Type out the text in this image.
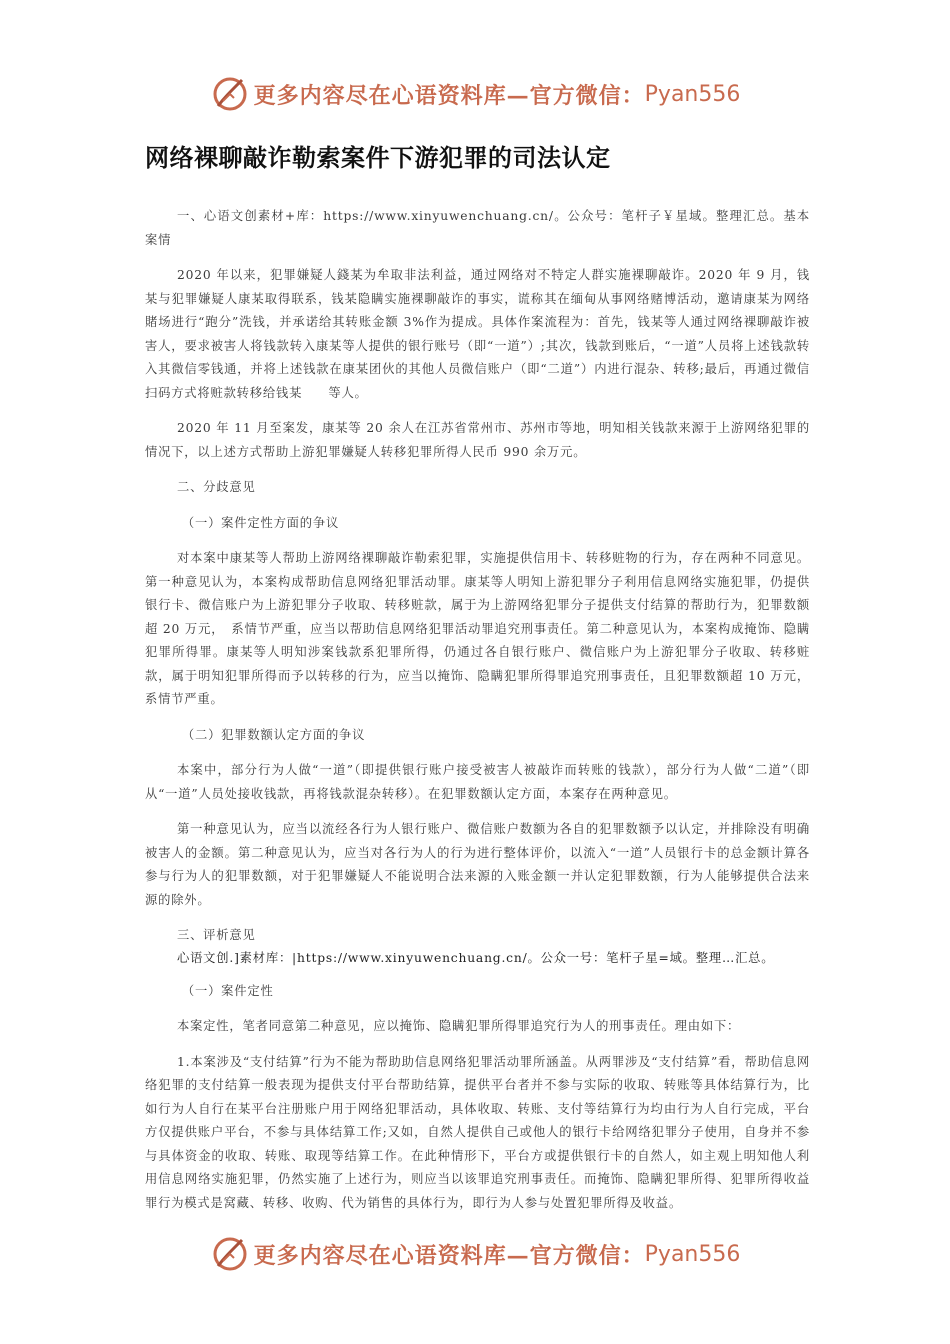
更多内容尽在心语资料库—官方微信： Pyan556
网络裸聊敲诈勒索案件下游犯罪的司法认定

一、心语文创素材+库：https://www.xinyuwenchuang.cn/。公众号：笔杆子￥星域。整理汇总。基本案情

2020 年以来，犯罪嫌疑人錢某为牟取非法利益，通过网络对不特定人群实施裸聊敲诈。2020 年 9 月，钱某与犯罪嫌疑人康某取得联系，钱某隐瞒实施裸聊敲诈的事实，谎称其在缅甸从事网络赌博活动，邀请康某为网络賭场进行“跑分”洗钱，并承诺给其转账金额 3%作为提成。具体作案流程为：首先，钱某等人通过网络裸聊敲诈被害人，要求被害人将钱款转入康某等人提供的银行账号（即“一道”）;其次，钱款到账后，“一道”人员将上述钱款转入其微信零钱通，并将上述钱款在康某团伙的其他人员微信账户（即“二道”）内进行混杂、转移;最后，再通过微信扫码方式将赃款转移给钱某　　等人。

2020 年 11 月至案发，康某等 20 余人在江苏省常州市、苏州市等地，明知相关钱款来源于上游网络犯罪的情况下，以上述方式帮助上游犯罪嫌疑人转移犯罪所得人民币 990 余万元。

二、分歧意见

（一）案件定性方面的争议

对本案中康某等人帮助上游网络裸聊敲诈勒索犯罪，实施提供信用卡、转移赃物的行为，存在两种不同意见。第一种意见认为，本案构成帮助信息网络犯罪活动罪。康某等人明知上游犯罪分子利用信息网络实施犯罪，仍提供银行卡、微信账户为上游犯罪分子收取、转移赃款，属于为上游网络犯罪分子提供支付结算的帮助行为，犯罪数额超 20 万元，　系情节严重，应当以帮助信息网络犯罪活动罪追究刑事责任。第二种意见认为，本案构成掩饰、隐瞒犯罪所得罪。康某等人明知涉案钱款系犯罪所得，仍通过各自银行账户、微信账户为上游犯罪分子收取、转移赃款，属于明知犯罪所得而予以转移的行为，应当以掩饰、隐瞒犯罪所得罪追究刑事责任，且犯罪数额超 10 万元，系情节严重。

（二）犯罪数额认定方面的争议

本案中，部分行为人做“一道”（即提供银行账户接受被害人被敲诈而转账的钱款），部分行为人做“二道”（即从“一道”人员处接收钱款，再将钱款混杂转移）。在犯罪数额认定方面，本案存在两种意见。

第一种意见认为，应当以流经各行为人银行账户、微信账户数额为各自的犯罪数额予以认定，并排除没有明确被害人的金额。第二种意见认为，应当对各行为人的行为进行整体评价，以流入“一道”人员银行卡的总金额计算各参与行为人的犯罪数额，对于犯罪嫌疑人不能说明合法来源的入账金额一并认定犯罪数额，行为人能够提供合法来源的除外。

三、评析意见

心语文创.]素材库：|https://www.xinyuwenchuang.cn/。公众一号：笔杆子星=域。整理…汇总。

（一）案件定性

本案定性，笔者同意第二种意见，应以掩饰、隐瞒犯罪所得罪追究行为人的刑事责任。理由如下：

1.本案涉及“支付结算”行为不能为帮助助信息网络犯罪活动罪所涵盖。从两罪涉及“支付结算”看，帮助信息网络犯罪的支付结算一般表现为提供支付平台帮助结算，提供平台者并不参与实际的收取、转账等具体结算行为，比如行为人自行在某平台注册账户用于网络犯罪活动，具体收取、转账、支付等结算行为均由行为人自行完成，平台方仅提供账户平台，不参与具体结算工作;又如，自然人提供自己或他人的银行卡给网络犯罪分子使用，自身并不参与具体资金的收取、转账、取现等结算工作。在此种情形下，平台方或提供银行卡的自然人，如主观上明知他人利用信息网络实施犯罪，仍然实施了上述行为，则应当以该罪追究刑事责任。而掩饰、隐瞒犯罪所得、犯罪所得收益罪行为模式是窝藏、转移、收购、代为销售的具体行为，即行为人参与处置犯罪所得及收益。

更多内容尽在心语资料库—官方微信： Pyan556
